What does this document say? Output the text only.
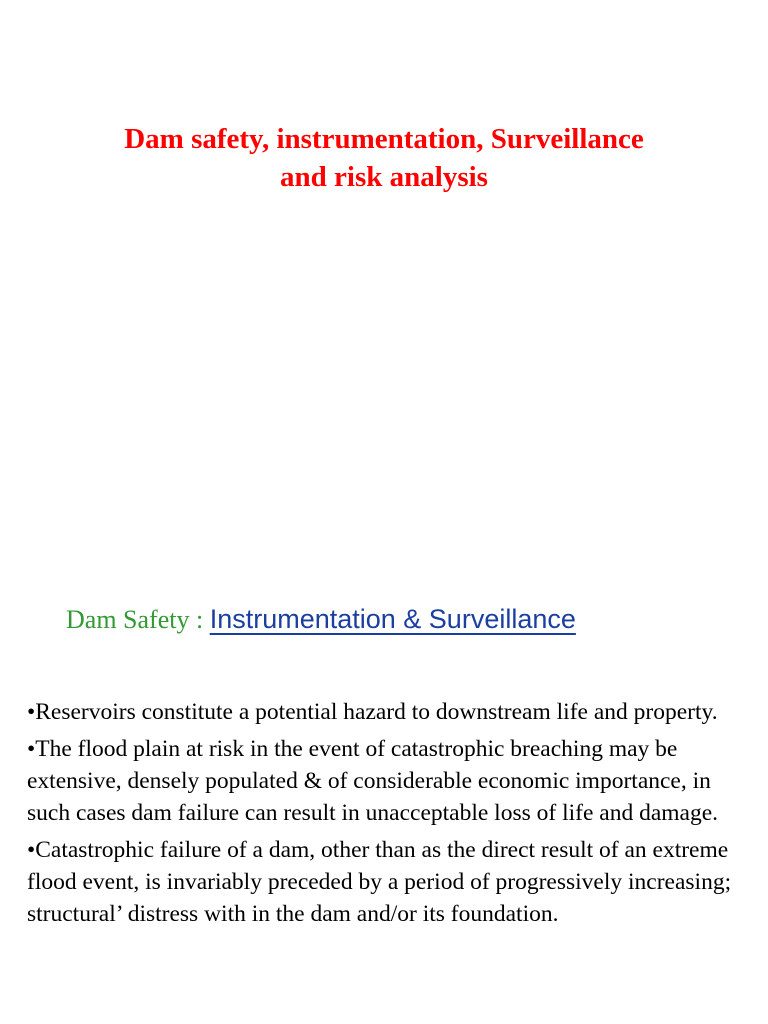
Dam safety, instrumentation, Surveillance
and risk analysis
Dam Safety : Instrumentation & Surveillance
•Reservoirs constitute a potential hazard to downstream life and property.
•The flood plain at risk in the event of catastrophic breaching may be extensive, densely populated & of considerable economic importance, in such cases dam failure can result in unacceptable loss of life and damage.
•Catastrophic failure of a dam, other than as the direct result of an extreme flood event, is invariably preceded by a period of progressively increasing; structural’ distress with in the dam and/or its foundation.
